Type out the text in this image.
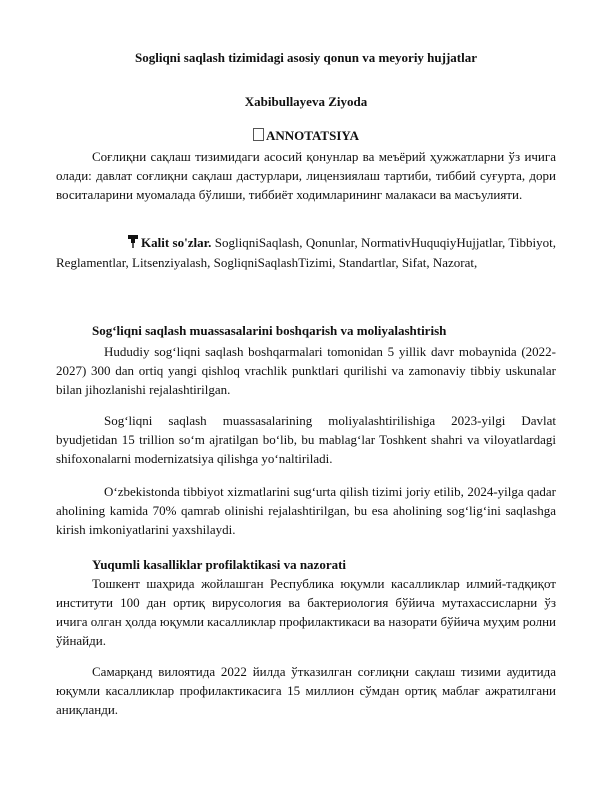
Sogliqni saqlash tizimidagi asosiy qonun va meyoriy hujjatlar
Xabibullayeva Ziyoda
ANNOTATSIYA

Соғлиқни сақлаш тизимидаги асосий қонунлар ва меъёрий ҳужжатларни ўз ичига олади: давлат соғлиқни сақлаш дастурлари, лицензиялаш тартиби, тиббий суғурта, дори воситаларини муомалада бўлиши, тиббиёт ходимларининг малакаси ва масъулияти.

Kalit so'zlar. SogliqniSaqlash, Qonunlar, NormativHuquqiyHujjatlar, Tibbiyot, Reglamentlar, Litsenziyalash, SogliqniSaqlashTizimi, Standartlar, Sifat, Nazorat,

Sog‘liqni saqlash muassasalarini boshqarish va moliyalashtirish

Hududiy sog‘liqni saqlash boshqarmalari tomonidan 5 yillik davr mobaynida (2022-2027) 300 dan ortiq yangi qishloq vrachlik punktlari qurilishi va zamonaviy tibbiy uskunalar bilan jihozlanishi rejalashtirilgan.

Sog‘liqni saqlash muassasalarining moliyalashtirilishiga 2023-yilgi Davlat byudjetidan 15 trillion so‘m ajratilgan bo‘lib, bu mablag‘lar Toshkent shahri va viloyatlardagi shifoxonalarni modernizatsiya qilishga yo‘naltiriladi.

O‘zbekistonda tibbiyot xizmatlarini sug‘urta qilish tizimi joriy etilib, 2024-yilga qadar aholining kamida 70% qamrab olinishi rejalashtirilgan, bu esa aholining sog‘lig‘ini saqlashga kirish imkoniyatlarini yaxshilaydi.

Yuqumli kasalliklar profilaktikasi va nazorati

Тошкент шаҳрида жойлашган Республика юқумли касалликлар илмий-тадқиқот институти 100 дан ортиқ вирусология ва бактериология бўйича мутахассисларни ўз ичига олган ҳолда юқумли касалликлар профилактикаси ва назорати бўйича муҳим ролни ўйнайди.

Самарқанд вилоятида 2022 йилда ўтказилган соғлиқни сақлаш тизими аудитида юқумли касалликлар профилактикасига 15 миллион сўмдан ортиқ маблағ ажратилгани аниқланди.
